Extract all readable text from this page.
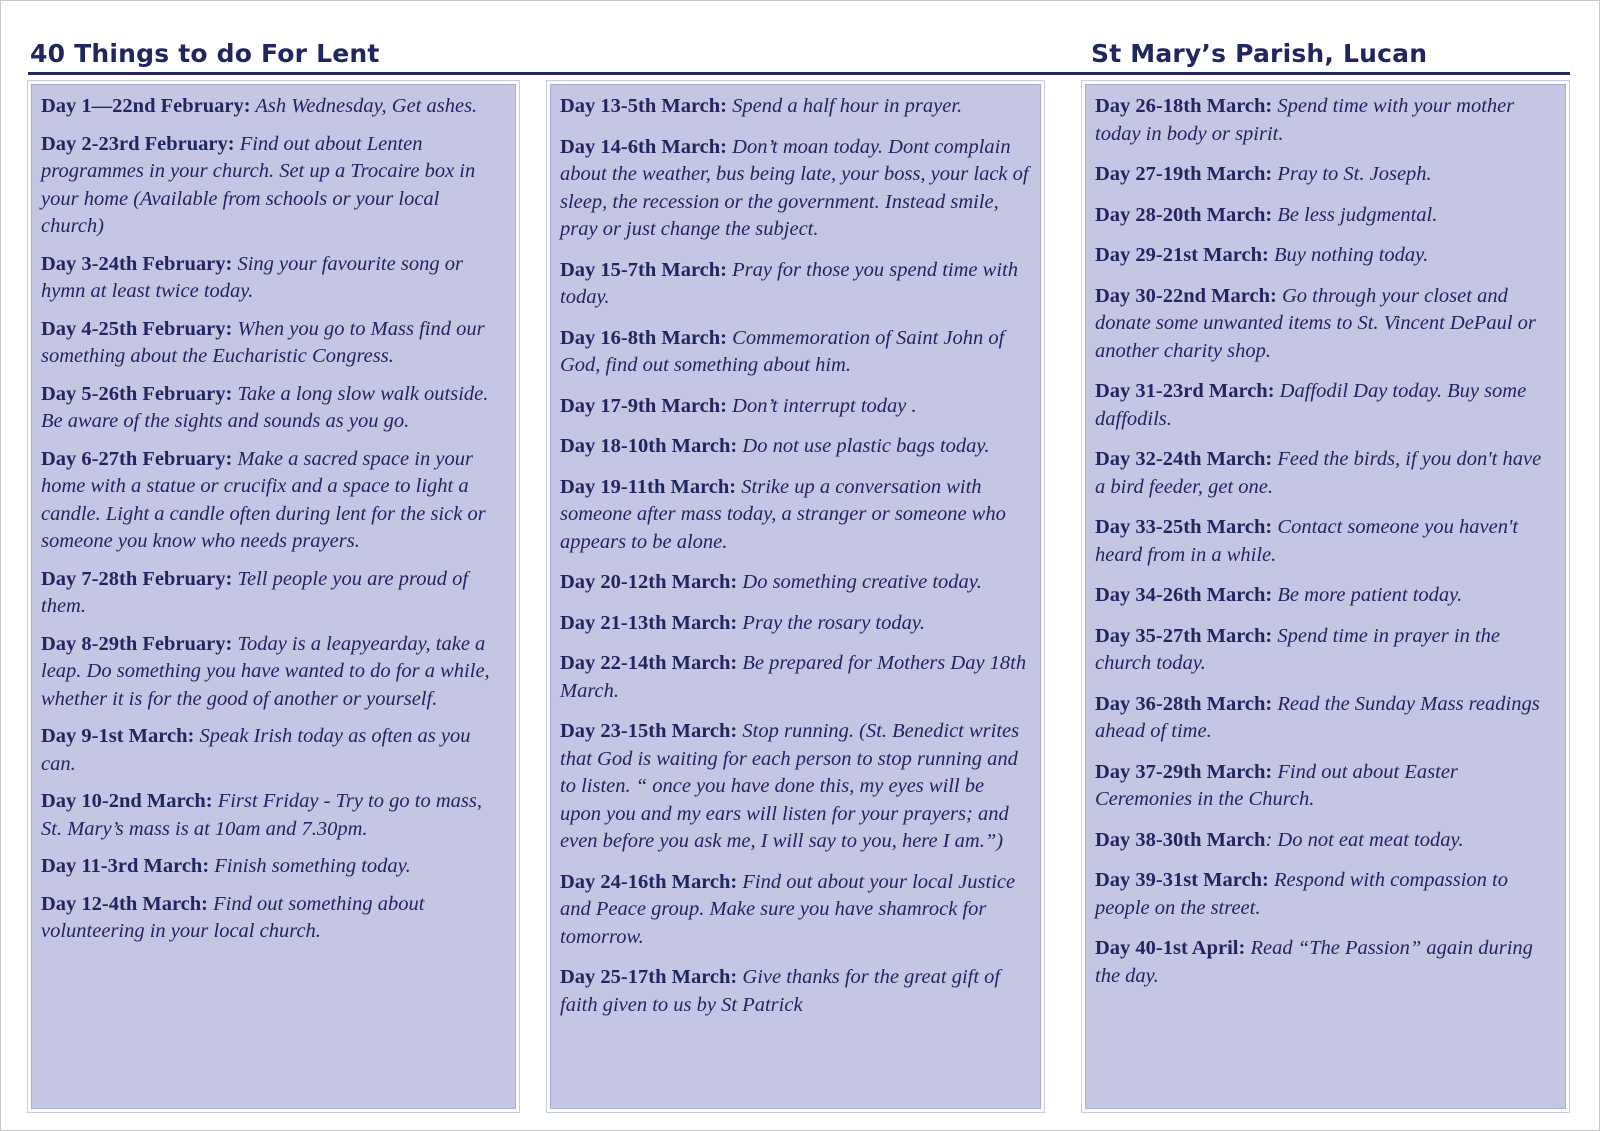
40 Things to do For Lent	St Mary’s Parish, Lucan
Day 1—22nd February: Ash Wednesday, Get ashes.
Day 2-23rd February: Find out about Lenten programmes in your church. Set up a Trocaire box in your home (Available from schools or your local church)
Day 3-24th February: Sing your favourite song or hymn at least twice today.
Day 4-25th February: When you go to Mass find our something about the Eucharistic Congress.
Day 5-26th February: Take a long slow walk outside. Be aware of the sights and sounds as you go.
Day 6-27th February: Make a sacred space in your home with a statue or crucifix and a space to light a candle. Light a candle often during lent for the sick or someone you know who needs prayers.
Day 7-28th February: Tell people you are proud of them.
Day 8-29th February: Today is a leapyearday, take a leap. Do something you have wanted to do for a while, whether it is for the good of another or yourself.
Day 9-1st March: Speak Irish today as often as you can.
Day 10-2nd March: First Friday - Try to go to mass, St. Mary’s mass is at 10am and 7.30pm.
Day 11-3rd March: Finish something today.
Day 12-4th March: Find out something about volunteering in your local church.
Day 13-5th March: Spend a half hour in prayer.
Day 14-6th March: Don’t moan today. Dont complain about the weather, bus being late, your boss, your lack of sleep, the recession or the government. Instead smile, pray or just change the subject.
Day 15-7th March: Pray for those you spend time with today.
Day 16-8th March: Commemoration of Saint John of God, find out something about him.
Day 17-9th March: Don’t interrupt today .
Day 18-10th March: Do not use plastic bags today.
Day 19-11th March: Strike up a conversation with someone after mass today, a stranger or someone who appears to be alone.
Day 20-12th March: Do something creative today.
Day 21-13th March: Pray the rosary today.
Day 22-14th March: Be prepared for Mothers Day 18th March.
Day 23-15th March: Stop running. (St. Benedict writes that God is waiting for each person to stop running and to listen. “ once you have done this, my eyes will be upon you and my ears will listen for your prayers; and even before you ask me, I will say to you, here I am.”)
Day 24-16th March: Find out about your local Justice and Peace group. Make sure you have shamrock for tomorrow.
Day 25-17th March: Give thanks for the great gift of faith given to us by St Patrick
Day 26-18th March: Spend time with your mother today in body or spirit.
Day 27-19th March: Pray to St. Joseph.
Day 28-20th March: Be less judgmental.
Day 29-21st March: Buy nothing today.
Day 30-22nd March: Go through your closet and donate some unwanted items to St. Vincent DePaul or another charity shop.
Day 31-23rd March: Daffodil Day today. Buy some daffodils.
Day 32-24th March: Feed the birds, if you don't have a bird feeder, get one.
Day 33-25th March: Contact someone you haven't heard from in a while.
Day 34-26th March: Be more patient today.
Day 35-27th March: Spend time in prayer in the church today.
Day 36-28th March: Read the Sunday Mass readings ahead of time.
Day 37-29th March: Find out about Easter Ceremonies in the Church.
Day 38-30th March: Do not eat meat today.
Day 39-31st March: Respond with compassion to people on the street.
Day 40-1st April: Read “The Passion” again during the day.
